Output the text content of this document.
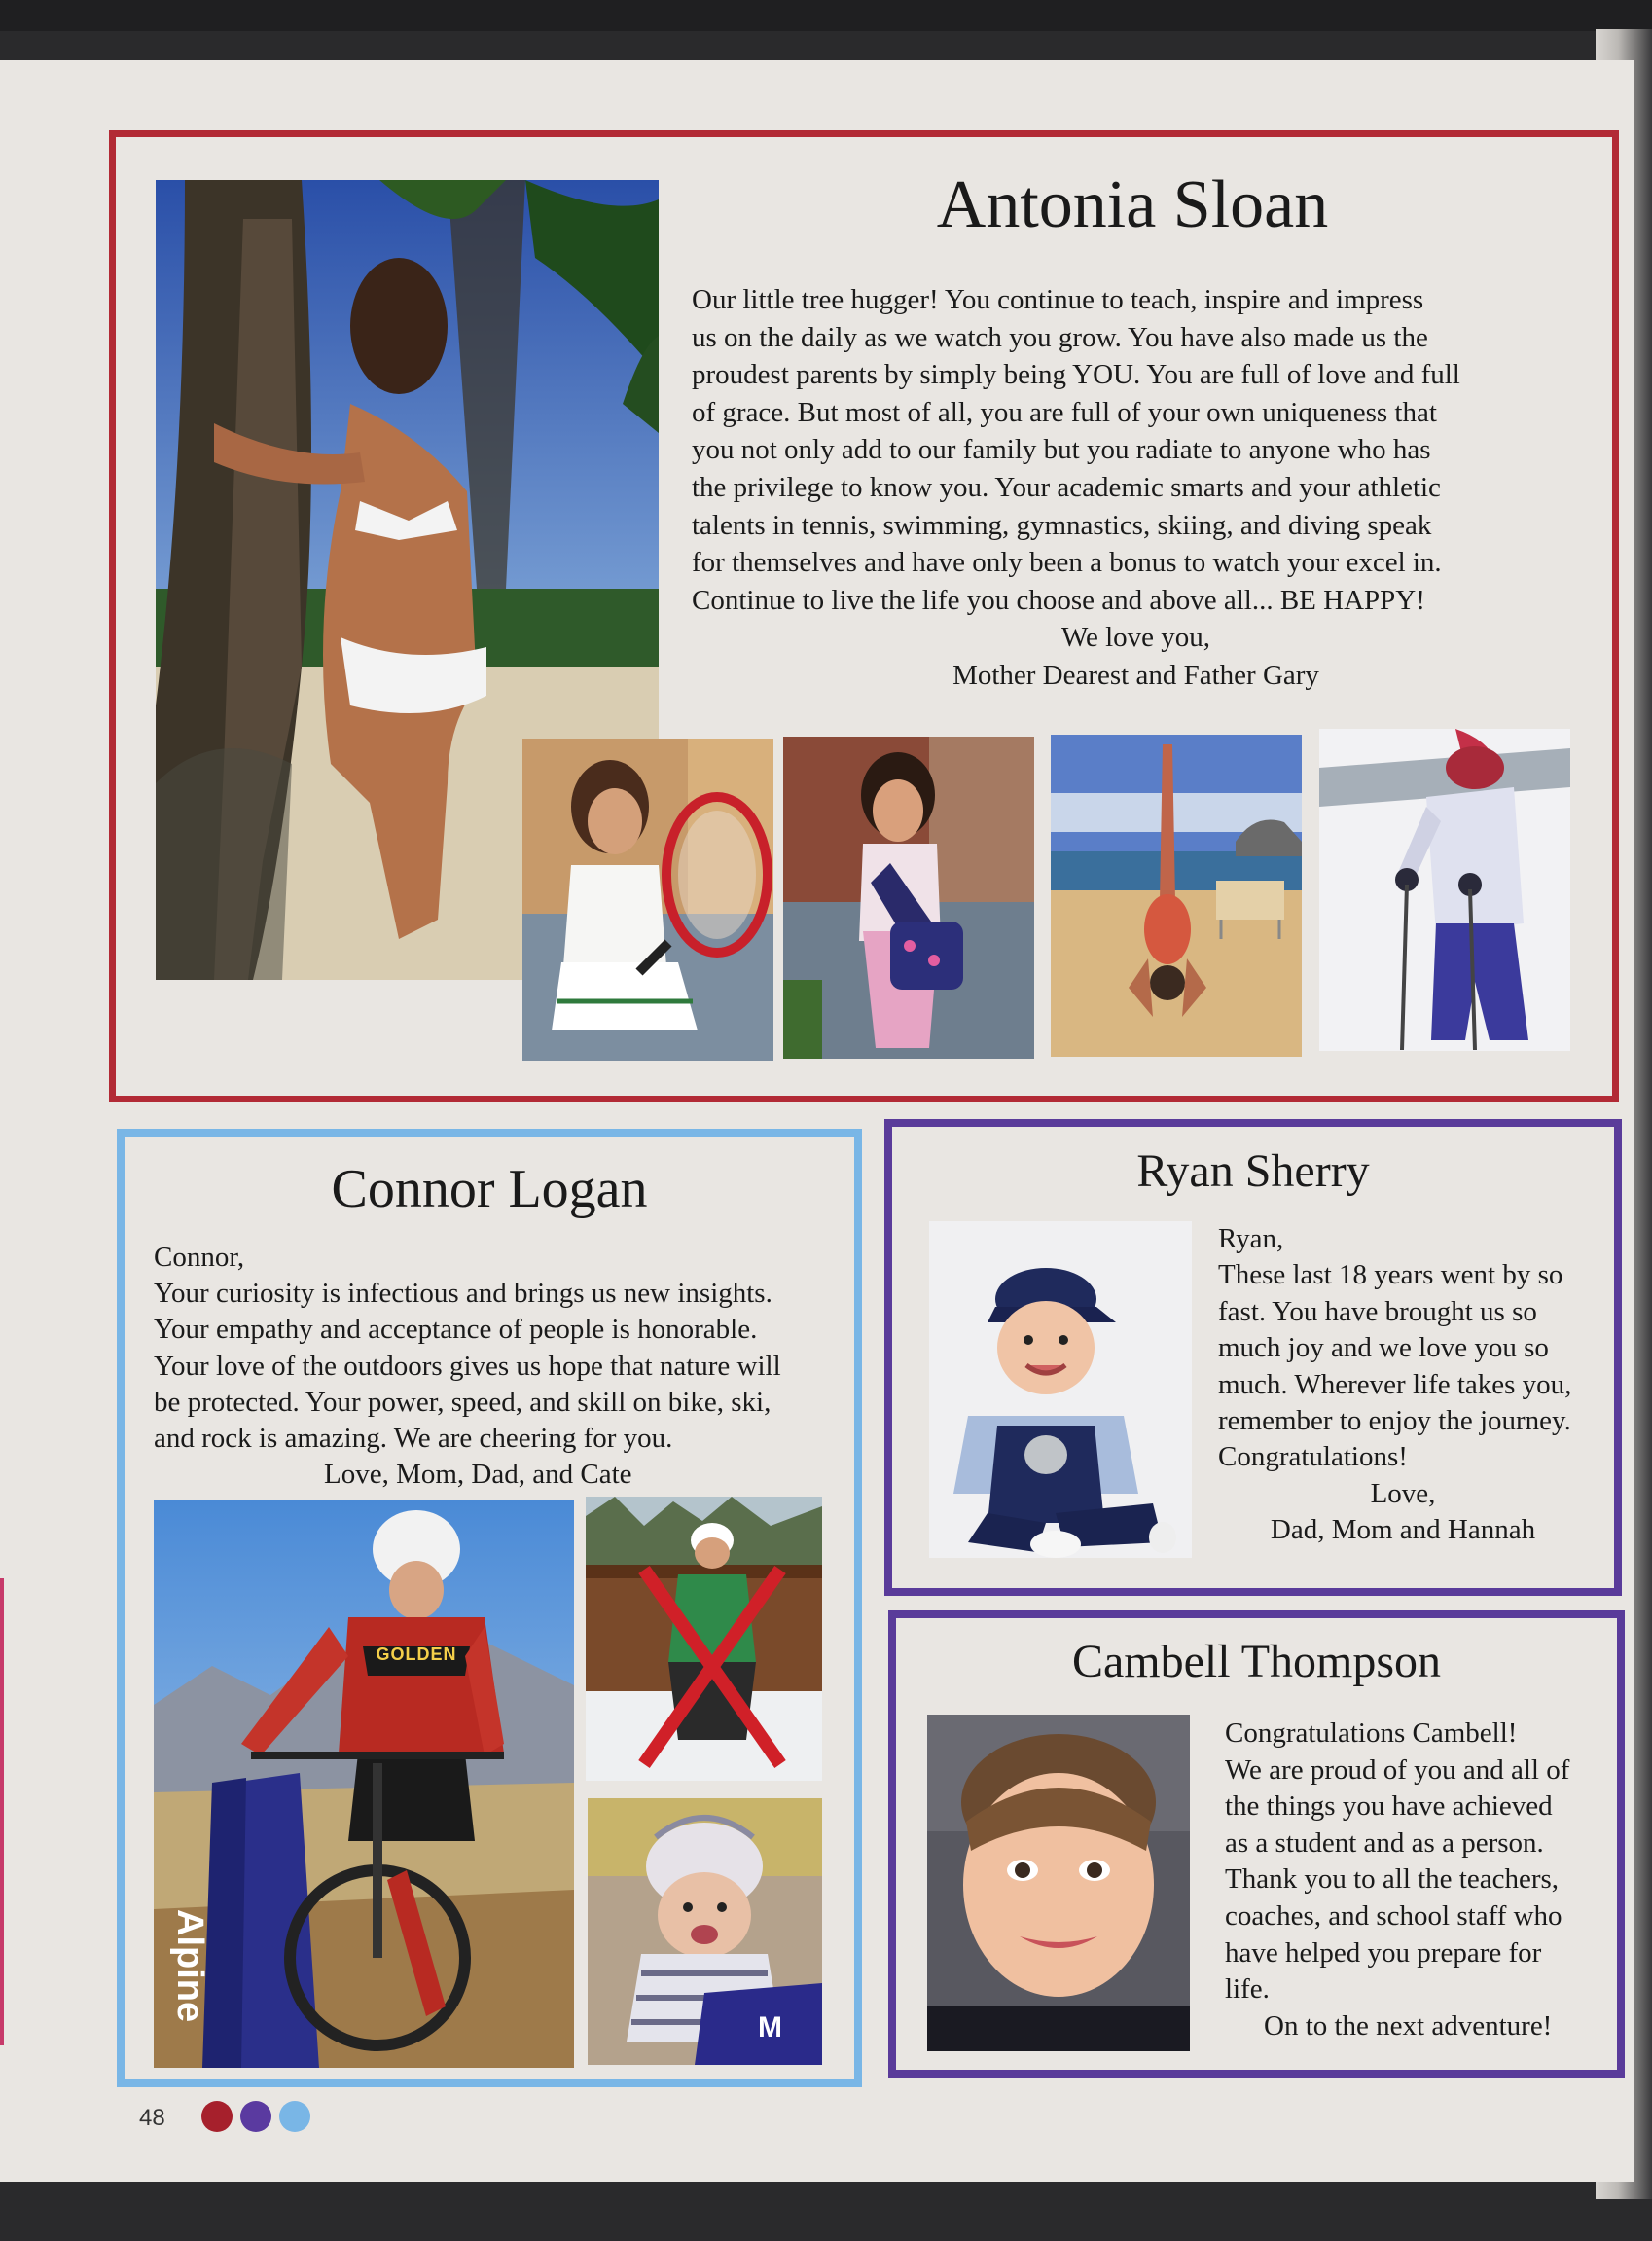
Antonia Sloan
Our little tree hugger! You continue to teach, inspire and impress
us on the daily as we watch you grow. You have also made us the
proudest parents by simply being YOU. You are full of love and full
of grace. But most of all, you are full of your own uniqueness that
you not only add to our family but you radiate to anyone who has
the privilege to know you. Your academic smarts and your athletic
talents in tennis, swimming, gymnastics, skiing, and diving speak
for themselves and have only been a bonus to watch your excel in.
Continue to live the life you choose and above all... BE HAPPY!
We love you,
Mother Dearest and Father Gary
Connor Logan
Connor,
Your curiosity is infectious and brings us new insights.
Your empathy and acceptance of people is honorable.
Your love of the outdoors gives us hope that nature will
be protected. Your power, speed, and skill on bike, ski,
and rock is amazing. We are cheering for you.
Love, Mom, Dad, and Cate
GOLDEN
Alpine
M
Ryan Sherry
Ryan,
These last 18 years went by so
fast. You have brought us so
much joy and we love you so
much. Wherever life takes you,
remember to enjoy the journey.
Congratulations!
Love,
Dad, Mom and Hannah
Cambell Thompson
Congratulations Cambell!
We are proud of you and all of
the things you have achieved
as a student and as a person.
Thank you to all the teachers,
coaches, and school staff who
have helped you prepare for
life.
On to the next adventure!
48
